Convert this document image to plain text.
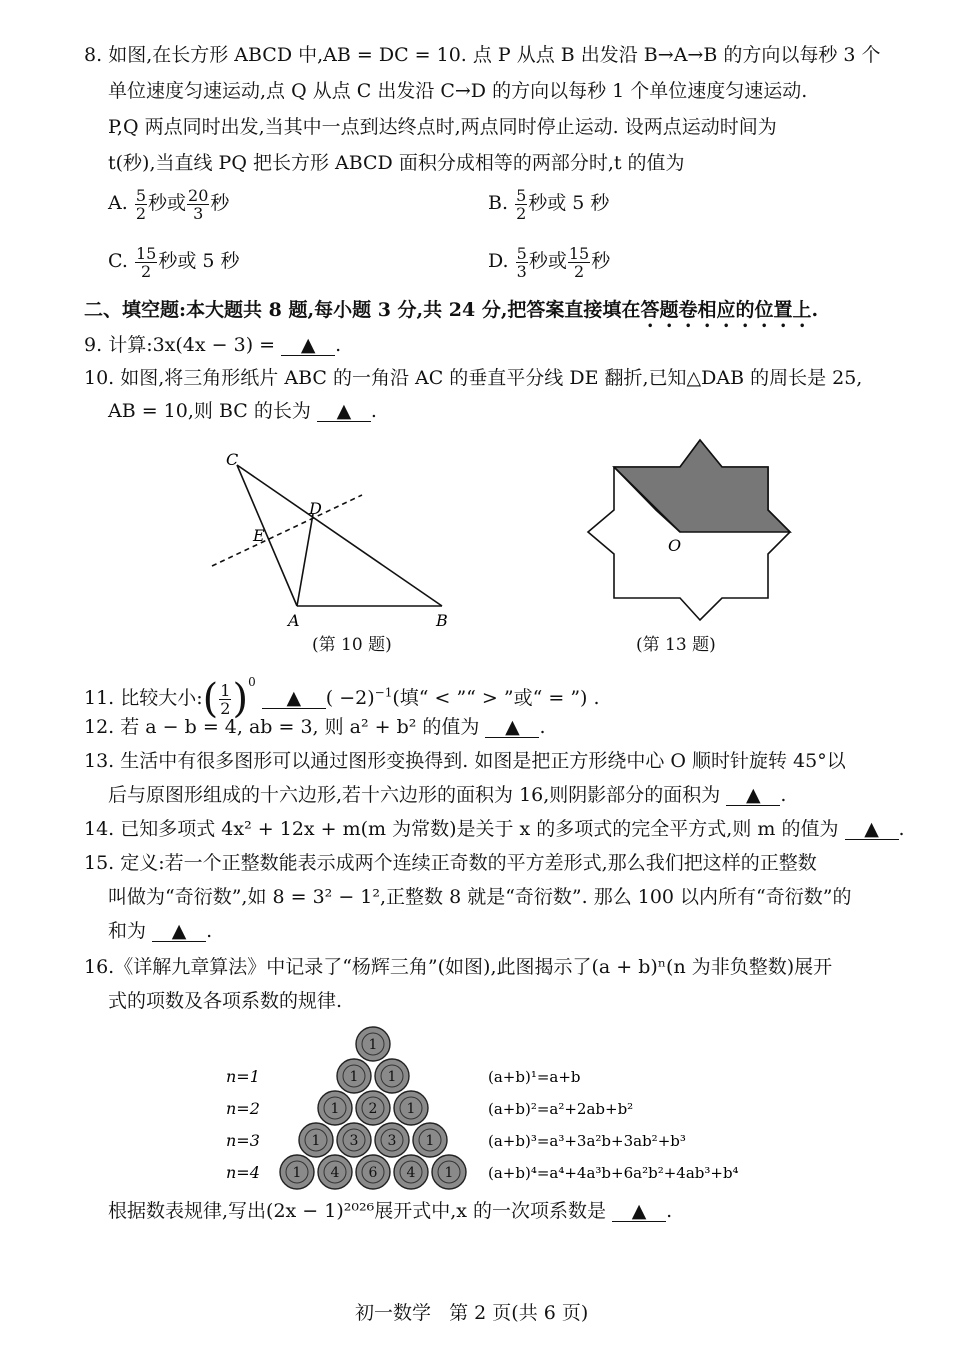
8. 如图,在长方形 ABCD 中,AB = DC = 10. 点 P 从点 B 出发沿 B→A→B 的方向以每秒 3 个
单位速度匀速运动,点 Q 从点 C 出发沿 C→D 的方向以每秒 1 个单位速度匀速运动.
P,Q 两点同时出发,当其中一点到达终点时,两点同时停止运动. 设两点运动时间为
t(秒),当直线 PQ 把长方形 ABCD 面积分成相等的两部分时,t 的值为
A. $\frac{5}{2}$ 秒或 $\frac{20}{3}$ 秒	B. $\frac{5}{2}$ 秒或 5 秒
C. $\frac{15}{2}$ 秒或 5 秒	D. $\frac{5}{3}$ 秒或 $\frac{15}{2}$ 秒
二、填空题:本大题共 8 题,每小题 3 分,共 24 分,把答案直接填在答题卷相应的位置上.
9. 计算:3x(4x − 3) = ▲ .
10. 如图,将三角形纸片 ABC 的一角沿 AC 的垂直平分线 DE 翻折,已知△DAB 的周长是 25,
AB = 10,则 BC 的长为 ▲ .
C
D
E
A	B
(第 10 题)
O
(第 13 题)
11. 比较大小:( $\frac{1}{2} )^0$ ▲ ( −2)$^{-1}$(填“ < ”“ > ”或“ = ”) .
12. 若 a − b = 4, ab = 3, 则 a² + b² 的值为 ▲ .
13. 生活中有很多图形可以通过图形变换得到. 如图是把正方形绕中心 O 顺时针旋转 45°以
后与原图形组成的十六边形,若十六边形的面积为 16,则阴影部分的面积为 ▲ .
14. 已知多项式 4x² + 12x + m(m 为常数)是关于 x 的多项式的完全平方式,则 m 的值为 ▲ .
15. 定义:若一个正整数能表示成两个连续正奇数的平方差形式,那么我们把这样的正整数
叫做为“奇衍数”,如 8 = 3² − 1²,正整数 8 就是“奇衍数”. 那么 100 以内所有“奇衍数”的
和为 ▲ .
16.《详解九章算法》中记录了“杨辉三角”(如图),此图揭示了(a + b)ⁿ(n 为非负整数)展开
式的项数及各项系数的规律.
1
1 1
1 2 1
1 3 3 1
1 4 6 4 1
n=1
n=2
n=3
n=4
(a+b)¹=a+b
(a+b)²=a²+2ab+b²
(a+b)³=a³+3a²b+3ab²+b³
(a+b)⁴=a⁴+4a³b+6a²b²+4ab³+b⁴
根据数表规律,写出(2x − 1)²⁰²⁶展开式中,x 的一次项系数是 ▲ .
初一数学   第 2 页(共 6 页)
